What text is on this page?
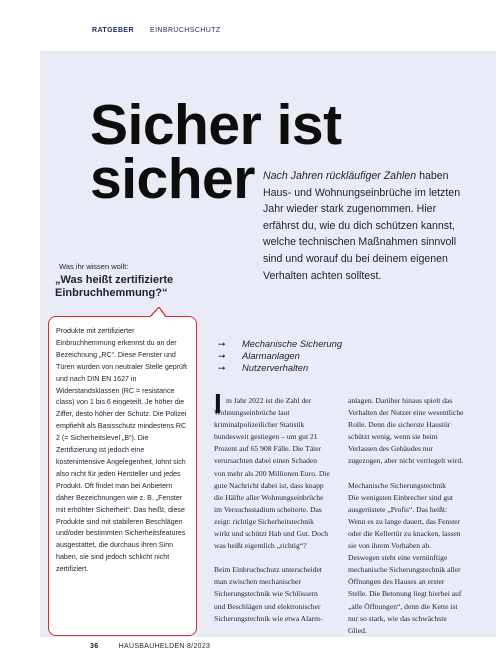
RATGEBER EINBRUCHSCHUTZ
Sicher ist
sicher Nach Jahren rückläufiger Zahlen haben Haus- und Wohnungseinbrüche im letzten Jahr wieder stark zugenommen. Hier erfährst du, wie du dich schützen kannst, welche technischen Maßnahmen sinnvoll sind und worauf du bei deinem eigenen Verhalten achten solltest.
Was ihr wissen wollt:
„Was heißt zertifizierte Einbruchhemmung?“
Produkte mit zertifizierter Einbruchhemmung erkennst du an der Bezeichnung „RC“. Diese Fenster und Türen wurden von neutraler Stelle geprüft und nach DIN EN 1627 in Widerstandsklassen (RC = resistance class) von 1 bis 6 eingeteilt. Je höher die Ziffer, desto höher der Schutz. Die Polizei empfiehlt als Basisschutz mindestens RC 2 (= Sicherheitslevel „B“). Die Zertifizierung ist jedoch eine kostenintensive Angelegenheit, lohnt sich also nicht für jeden Hersteller und jedes Produkt. Oft findet man bei Anbietern daher Bezeichnungen wie z. B. „Fenster mit erhöhter Sicherheit“. Das heißt, diese Produkte sind mit stabileren Beschlägen und/oder bestimmten Sicherheitsfeatures ausgestattet, die durchaus ihren Sinn haben, sie sind jedoch schlicht nicht zertifiziert.
➞	Mechanische Sicherung
➞	Alarmanlagen
➞	Nutzerverhalten
I m Jahr 2022 ist die Zahl der Wohnungseinbrüche laut kriminalpolizeilicher Statistik bundesweit gestiegen – um gut 21 Prozent auf 65 908 Fälle. Die Täter verursachten dabei einen Schaden von mehr als 200 Millionen Euro. Die gute Nachricht dabei ist, dass knapp die Hälfte aller Wohnungseinbrüche im Versuchsstadium scheiterte. Das zeigt: richtige Sicherheitstechnik wirkt und schützt Hab und Gut. Doch was heißt eigentlich „richtig“?

Beim Einbruchschutz unterscheidet man zwischen mechanischer Sicherungstechnik wie Schlössern und Beschlägen und elektronischer Sicherungstechnik wie etwa Alarm-

anlagen. Darüber hinaus spielt das Verhalten der Nutzer eine wesentliche Rolle. Denn die sicherste Haustür schützt wenig, wenn sie beim Verlassen des Gebäudes nur zugezogen, aber nicht verriegelt wird.

Mechanische Sicherungstechnik

Die wenigsten Einbrecher sind gut ausgerüstete „Profis“. Das heißt: Wenn es zu lange dauert, das Fenster oder die Kellertür zu knacken, lassen sie von ihrem Vorhaben ab. Deswegen steht eine vernünftige mechanische Sicherungstechnik aller Öffnungen des Hauses an erster Stelle. Die Betonung liegt hierbei auf „alle Öffnungen“, denn die Kette ist nur so stark, wie das schwächste Glied.

36	HAUSBAUHELDEN 8/2023
